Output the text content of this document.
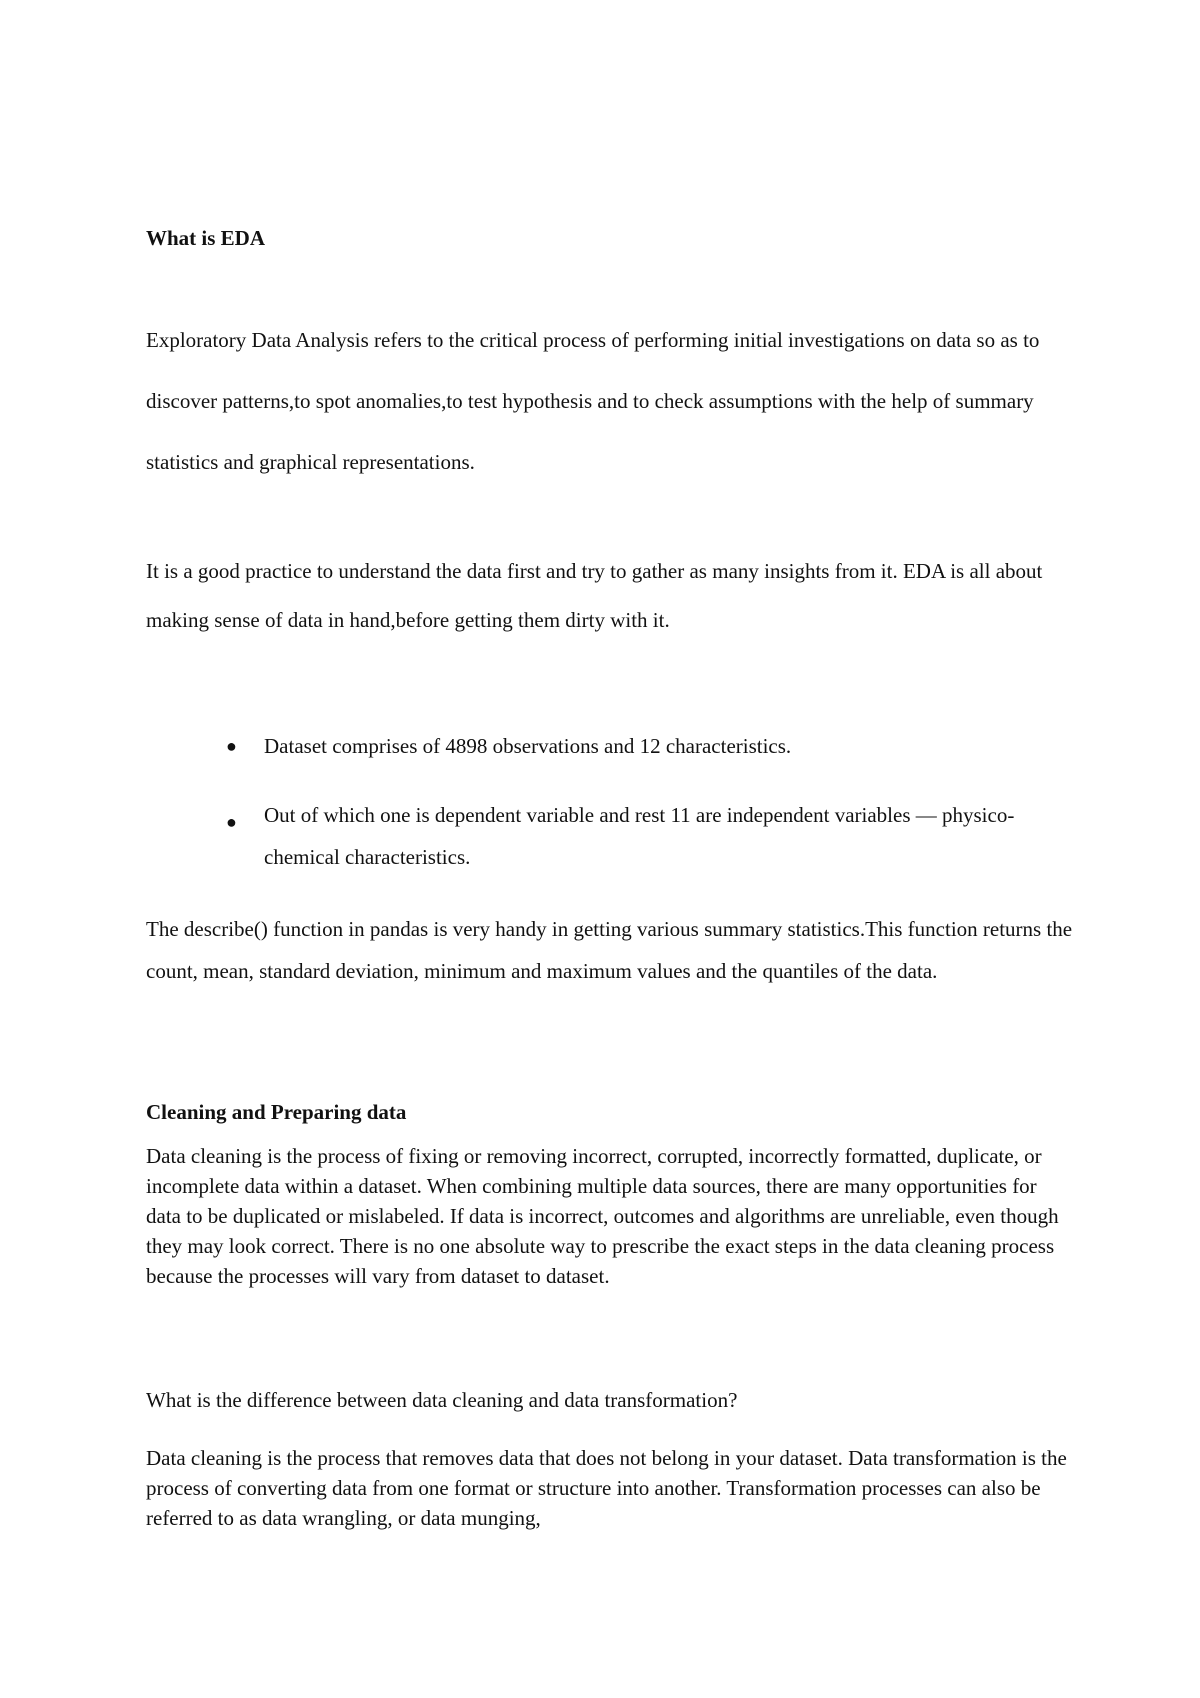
What is EDA

Exploratory Data Analysis refers to the critical process of performing initial investigations on data so as to discover patterns,to spot anomalies,to test hypothesis and to check assumptions with the help of summary statistics and graphical representations.

It is a good practice to understand the data first and try to gather as many insights from it. EDA is all about making sense of data in hand,before getting them dirty with it.

● Dataset comprises of 4898 observations and 12 characteristics.
● Out of which one is dependent variable and rest 11 are independent variables — physico-chemical characteristics.

The describe() function in pandas is very handy in getting various summary statistics.This function returns the count, mean, standard deviation, minimum and maximum values and the quantiles of the data.

Cleaning and Preparing data

Data cleaning is the process of fixing or removing incorrect, corrupted, incorrectly formatted, duplicate, or incomplete data within a dataset. When combining multiple data sources, there are many opportunities for data to be duplicated or mislabeled. If data is incorrect, outcomes and algorithms are unreliable, even though they may look correct. There is no one absolute way to prescribe the exact steps in the data cleaning process because the processes will vary from dataset to dataset.

What is the difference between data cleaning and data transformation?

Data cleaning is the process that removes data that does not belong in your dataset. Data transformation is the process of converting data from one format or structure into another. Transformation processes can also be referred to as data wrangling, or data munging,
